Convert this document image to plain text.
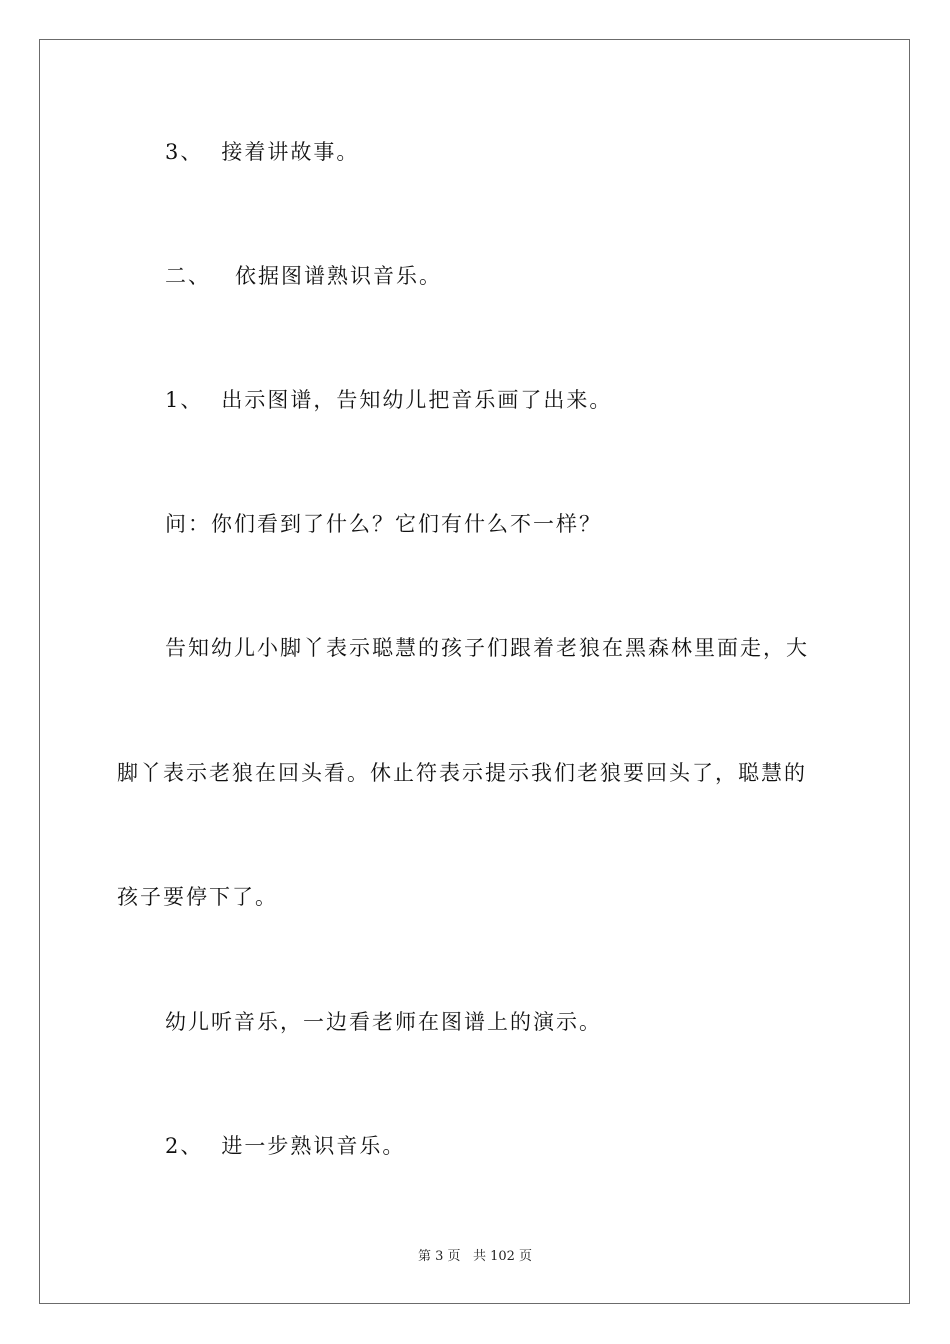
3、 接着讲故事。
二、 依据图谱熟识音乐。
1、 出示图谱，告知幼儿把音乐画了出来。
问：你们看到了什么？它们有什么不一样？
告知幼儿小脚丫表示聪慧的孩子们跟着老狼在黑森林里面走，大
脚丫表示老狼在回头看。休止符表示提示我们老狼要回头了，聪慧的
孩子要停下了。
幼儿听音乐，一边看老师在图谱上的演示。
2、 进一步熟识音乐。
第 3 页 共 102 页
